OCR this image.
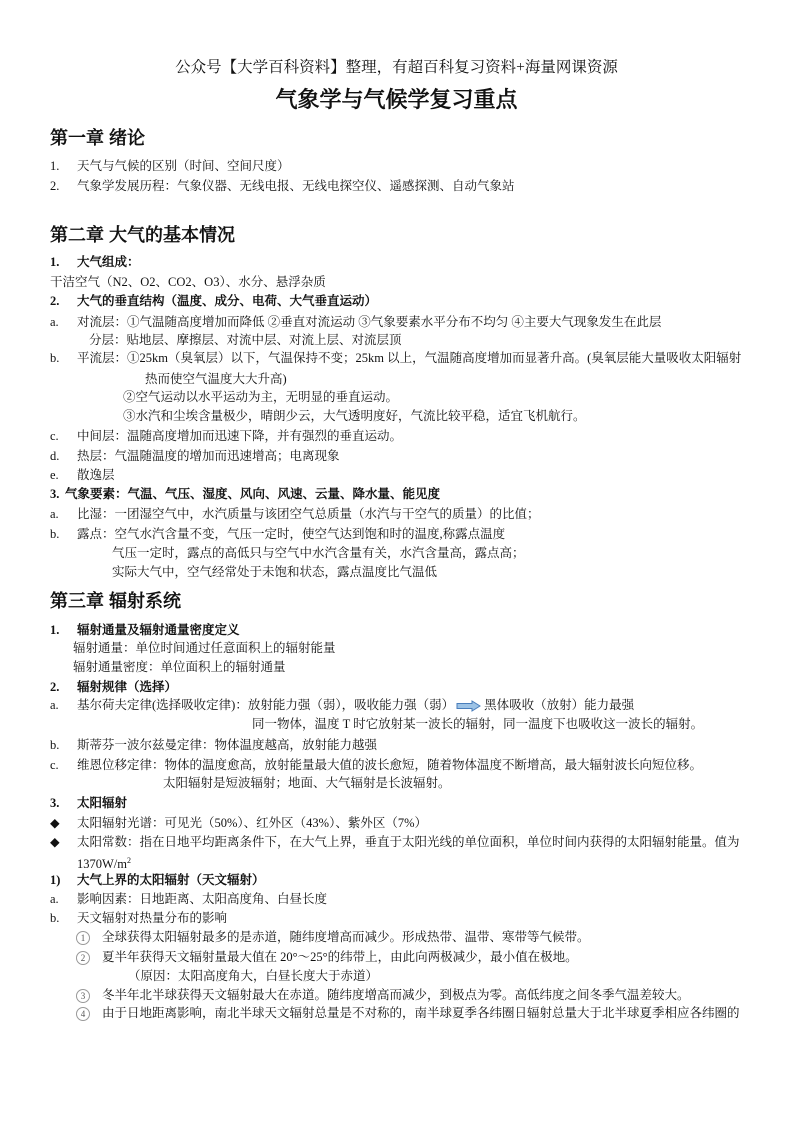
公众号【大学百科资料】整理，有超百科复习资料+海量网课资源
气象学与气候学复习重点
第一章 绪论
1. 天气与气候的区别（时间、空间尺度）
2. 气象学发展历程：气象仪器、无线电报、无线电探空仪、遥感探测、自动气象站
第二章 大气的基本情况
1. 大气组成：
干洁空气（N2、O2、CO2、O3）、水分、悬浮杂质
2. 大气的垂直结构（温度、成分、电荷、大气垂直运动）
a. 对流层：①气温随高度增加而降低 ②垂直对流运动 ③气象要素水平分布不均匀 ④主要大气现象发生在此层
分层：贴地层、摩擦层、对流中层、对流上层、对流层顶
b. 平流层：①25km（臭氧层）以下，气温保持不变；25km 以上，气温随高度增加而显著升高。(臭氧层能大量吸收太阳辐射
热而使空气温度大大升高)
②空气运动以水平运动为主，无明显的垂直运动。
③水汽和尘埃含量极少，晴朗少云，大气透明度好，气流比较平稳，适宜飞机航行。
c. 中间层：温随高度增加而迅速下降，并有强烈的垂直运动。
d. 热层：气温随温度的增加而迅速增高；电离现象
e. 散逸层
3. 气象要素：气温、气压、湿度、风向、风速、云量、降水量、能见度
a. 比湿：一团湿空气中，水汽质量与该团空气总质量（水汽与干空气的质量）的比值；
b. 露点：空气水汽含量不变，气压一定时，使空气达到饱和时的温度,称露点温度
气压一定时，露点的高低只与空气中水汽含量有关，水汽含量高，露点高；
实际大气中，空气经常处于未饱和状态，露点温度比气温低
第三章 辐射系统
1. 辐射通量及辐射通量密度定义
辐射通量：单位时间通过任意面积上的辐射能量
辐射通量密度：单位面积上的辐射通量
2. 辐射规律（选择）
a. 基尔荷夫定律(选择吸收定律)：放射能力强（弱），吸收能力强（弱） 黑体吸收（放射）能力最强
同一物体，温度 T 时它放射某一波长的辐射，同一温度下也吸收这一波长的辐射。
b. 斯蒂芬一波尔兹曼定律：物体温度越高，放射能力越强
c. 维恩位移定律：物体的温度愈高，放射能量最大值的波长愈短，随着物体温度不断增高，最大辐射波长向短位移。
太阳辐射是短波辐射；地面、大气辐射是长波辐射。
3. 太阳辐射
◆ 太阳辐射光谱：可见光（50%）、红外区（43%）、紫外区（7%）
◆ 太阳常数：指在日地平均距离条件下，在大气上界，垂直于太阳光线的单位面积，单位时间内获得的太阳辐射能量。值为
$1370W/m^2$
1) 大气上界的太阳辐射（天文辐射）
a. 影响因素：日地距离、太阳高度角、白昼长度
b. 天文辐射对热量分布的影响
1	全球获得太阳辐射最多的是赤道，随纬度增高而减少。形成热带、温带、寒带等气候带。
2	夏半年获得天文辐射量最大值在 20°～25°的纬带上，由此向两极减少，最小值在极地。
（原因：太阳高度角大，白昼长度大于赤道）
3	冬半年北半球获得天文辐射最大在赤道。随纬度增高而减少，到极点为零。高低纬度之间冬季气温差较大。
4	由于日地距离影响，南北半球天文辐射总量是不对称的，南半球夏季各纬圈日辐射总量大于北半球夏季相应各纬圈的
